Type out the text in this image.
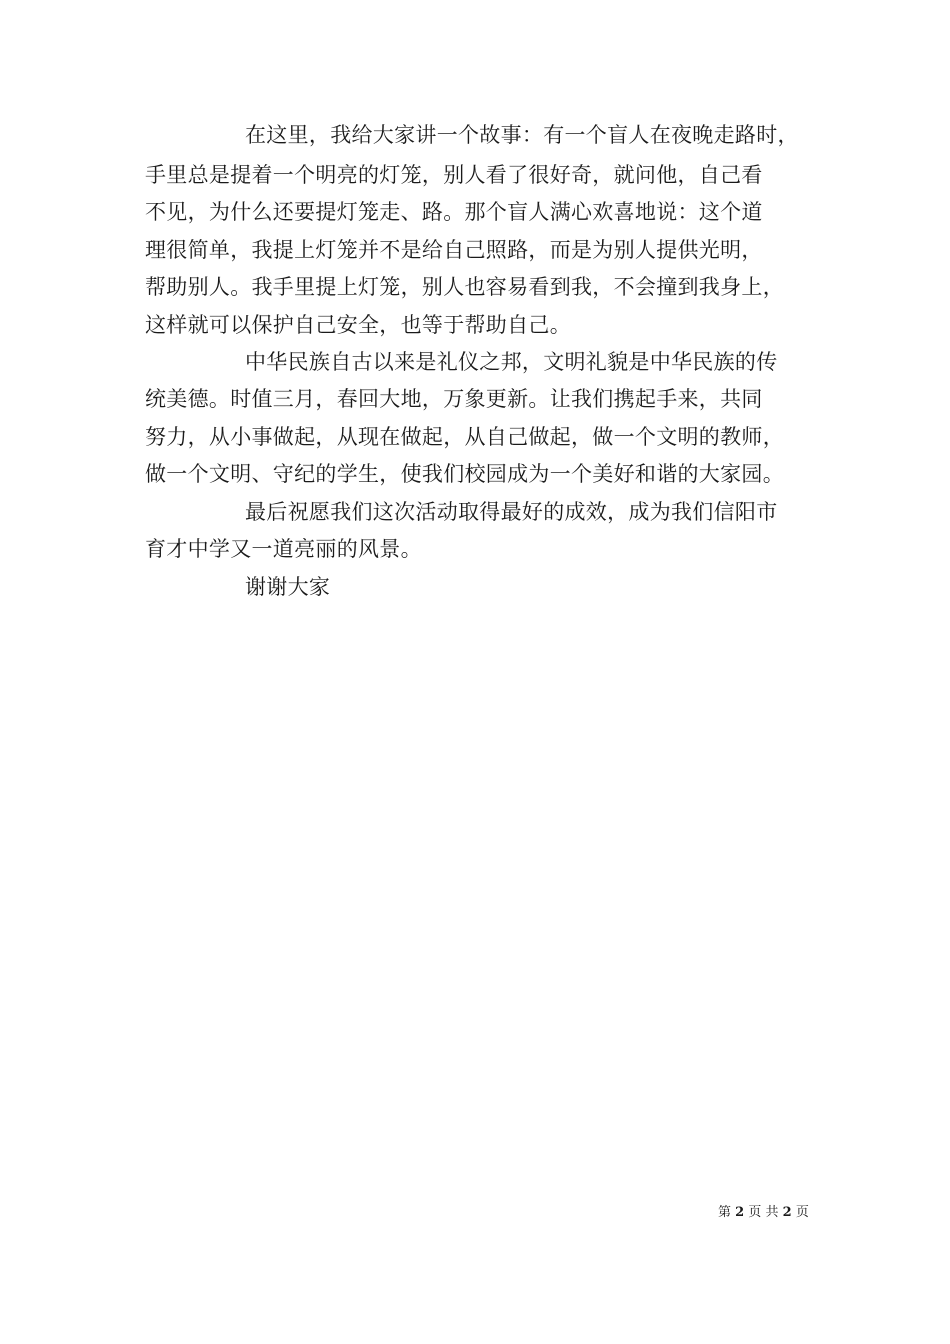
在这里，我给大家讲一个故事：有一个盲人在夜晚走路时，
手里总是提着一个明亮的灯笼，别人看了很好奇，就问他，自己看
不见，为什么还要提灯笼走、路。那个盲人满心欢喜地说：这个道
理很简单，我提上灯笼并不是给自己照路，而是为别人提供光明，
帮助别人。我手里提上灯笼，别人也容易看到我，不会撞到我身上，
这样就可以保护自己安全，也等于帮助自己。
中华民族自古以来是礼仪之邦，文明礼貌是中华民族的传
统美德。时值三月，春回大地，万象更新。让我们携起手来，共同
努力，从小事做起，从现在做起，从自己做起，做一个文明的教师，
做一个文明、守纪的学生，使我们校园成为一个美好和谐的大家园。
最后祝愿我们这次活动取得最好的成效，成为我们信阳市
育才中学又一道亮丽的风景。
谢谢大家
第 2 页 共 2 页
